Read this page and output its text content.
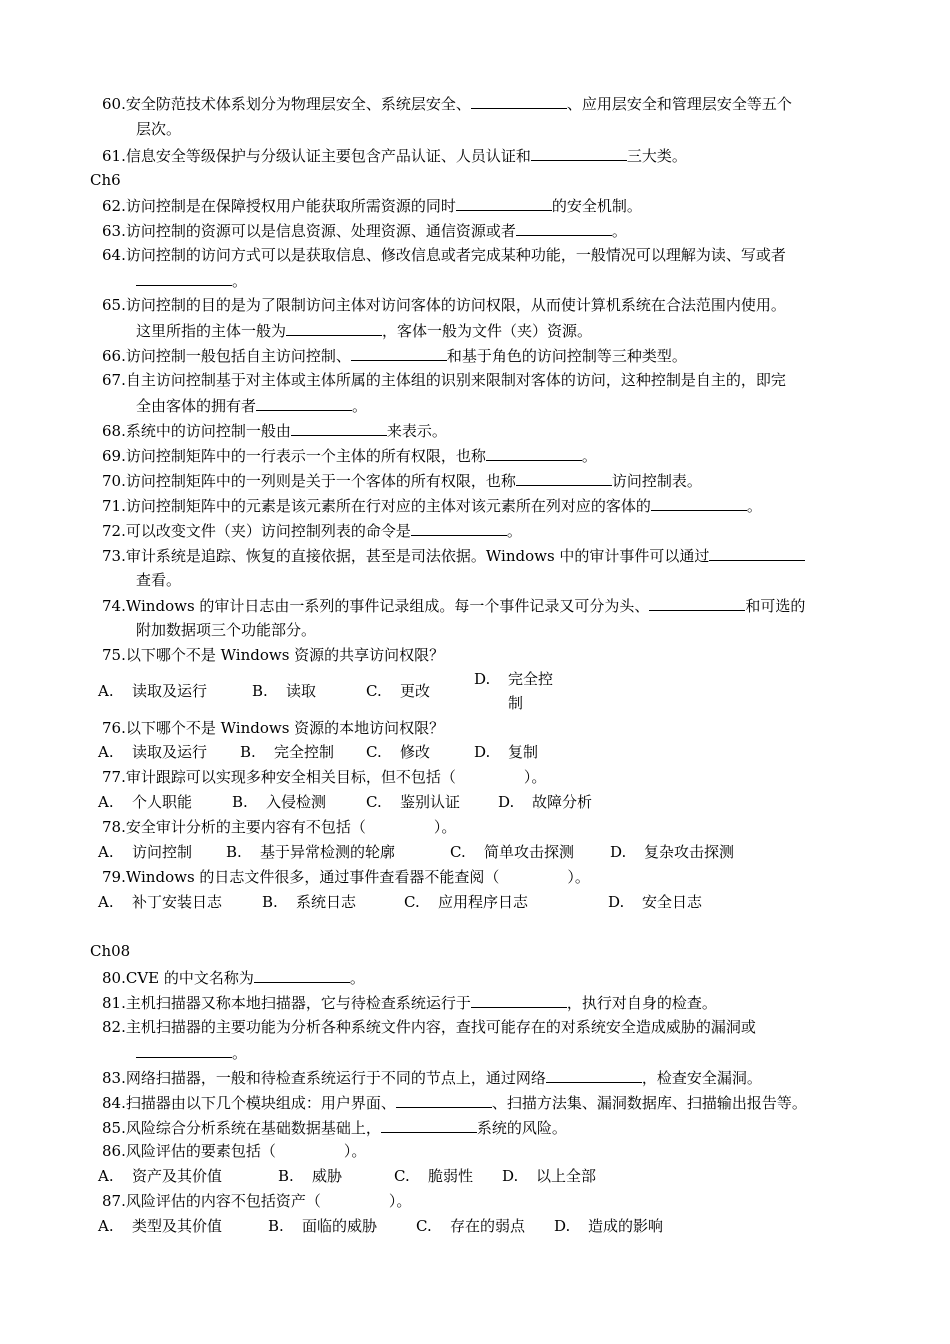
60.安全防范技术体系划分为物理层安全、系统层安全、	、应用层安全和管理层安全等五个
层次。
61.信息安全等级保护与分级认证主要包含产品认证、人员认证和	三大类。
Ch6
62.访问控制是在保障授权用户能获取所需资源的同时	的安全机制。
63.访问控制的资源可以是信息资源、处理资源、通信资源或者	。
64.访问控制的访问方式可以是获取信息、修改信息或者完成某种功能，一般情况可以理解为读、写或者
。
65.访问控制的目的是为了限制访问主体对访问客体的访问权限，从而使计算机系统在合法范围内使用。
这里所指的主体一般为	，客体一般为文件（夹）资源。
66.访问控制一般包括自主访问控制、	和基于角色的访问控制等三种类型。
67.自主访问控制基于对主体或主体所属的主体组的识别来限制对客体的访问，这种控制是自主的，即完
全由客体的拥有者	。
68.系统中的访问控制一般由	来表示。
69.访问控制矩阵中的一行表示一个主体的所有权限，也称	。
70.访问控制矩阵中的一列则是关于一个客体的所有权限，也称	访问控制表。
71.访问控制矩阵中的元素是该元素所在行对应的主体对该元素所在列对应的客体的	。
72.可以改变文件（夹）访问控制列表的命令是	。
73.审计系统是追踪、恢复的直接依据，甚至是司法依据。Windows 中的审计事件可以通过
查看。
74.Windows 的审计日志由一系列的事件记录组成。每一个事件记录又可分为头、	和可选的
附加数据项三个功能部分。
75.以下哪个不是 Windows 资源的共享访问权限？
A. 读取及运行	B. 读取	C. 更改
D. 完全控
制
76.以下哪个不是 Windows 资源的本地访问权限？
A. 读取及运行 B. 完全控制 C. 修改	D. 复制
77.审计跟踪可以实现多种安全相关目标，但不包括（	）。
A. 个人职能	B. 入侵检测	C. 鉴别认证	D. 故障分析
78.安全审计分析的主要内容有不包括（	）。
A. 访问控制 B. 基于异常检测的轮廓	C. 简单攻击探测 D. 复杂攻击探测
79.Windows 的日志文件很多，通过事件查看器不能查阅（	）。
A. 补丁安装日志	B. 系统日志	C. 应用程序日志	D. 安全日志
Ch08
80.CVE 的中文名称为	。
81.主机扫描器又称本地扫描器，它与待检查系统运行于	，执行对自身的检查。
82.主机扫描器的主要功能为分析各种系统文件内容，查找可能存在的对系统安全造成威胁的漏洞或
。
83.网络扫描器，一般和待检查系统运行于不同的节点上，通过网络	，检查安全漏洞。
84.扫描器由以下几个模块组成：用户界面、	、扫描方法集、漏洞数据库、扫描输出报告等。
85.风险综合分析系统在基础数据基础上，	系统的风险。
86.风险评估的要素包括（	）。
A. 资产及其价值	B. 威胁	C. 脆弱性 D. 以上全部
87.风险评估的内容不包括资产（	）。
A. 类型及其价值	B. 面临的威胁	C. 存在的弱点 D. 造成的影响
